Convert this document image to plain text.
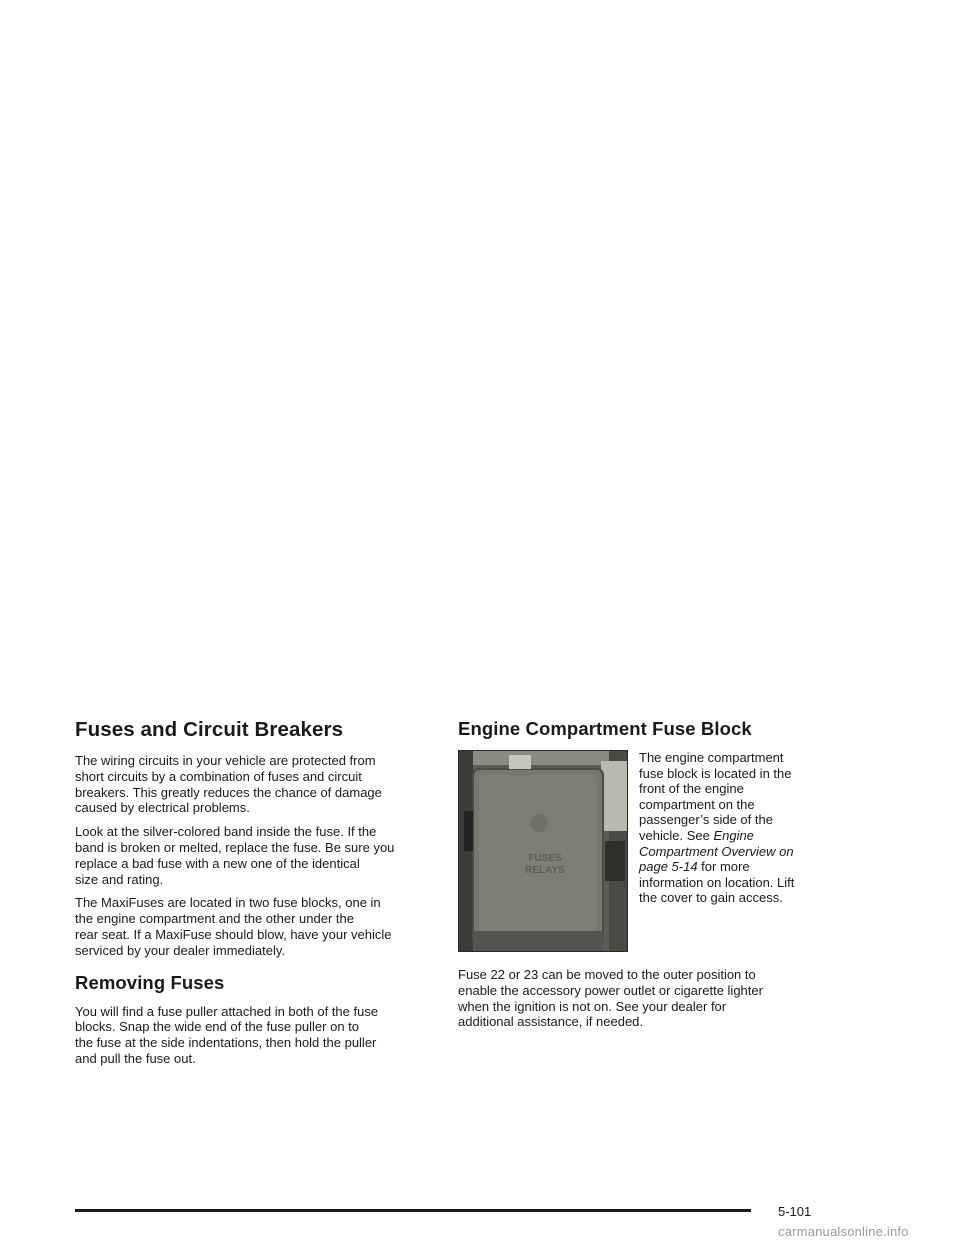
Fuses and Circuit Breakers

The wiring circuits in your vehicle are protected from
short circuits by a combination of fuses and circuit
breakers. This greatly reduces the chance of damage
caused by electrical problems.

Look at the silver-colored band inside the fuse. If the
band is broken or melted, replace the fuse. Be sure you
replace a bad fuse with a new one of the identical
size and rating.

The MaxiFuses are located in two fuse blocks, one in
the engine compartment and the other under the
rear seat. If a MaxiFuse should blow, have your vehicle
serviced by your dealer immediately.

Removing Fuses

You will find a fuse puller attached in both of the fuse
blocks. Snap the wide end of the fuse puller on to
the fuse at the side indentations, then hold the puller
and pull the fuse out.

Engine Compartment Fuse Block
FUSES
RELAYS

The engine compartment
fuse block is located in the
front of the engine
compartment on the
passenger’s side of the
vehicle. See Engine
Compartment Overview on
page 5-14 for more
information on location. Lift
the cover to gain access.

Fuse 22 or 23 can be moved to the outer position to
enable the accessory power outlet or cigarette lighter
when the ignition is not on. See your dealer for
additional assistance, if needed.

5-101
carmanualsonline.info
